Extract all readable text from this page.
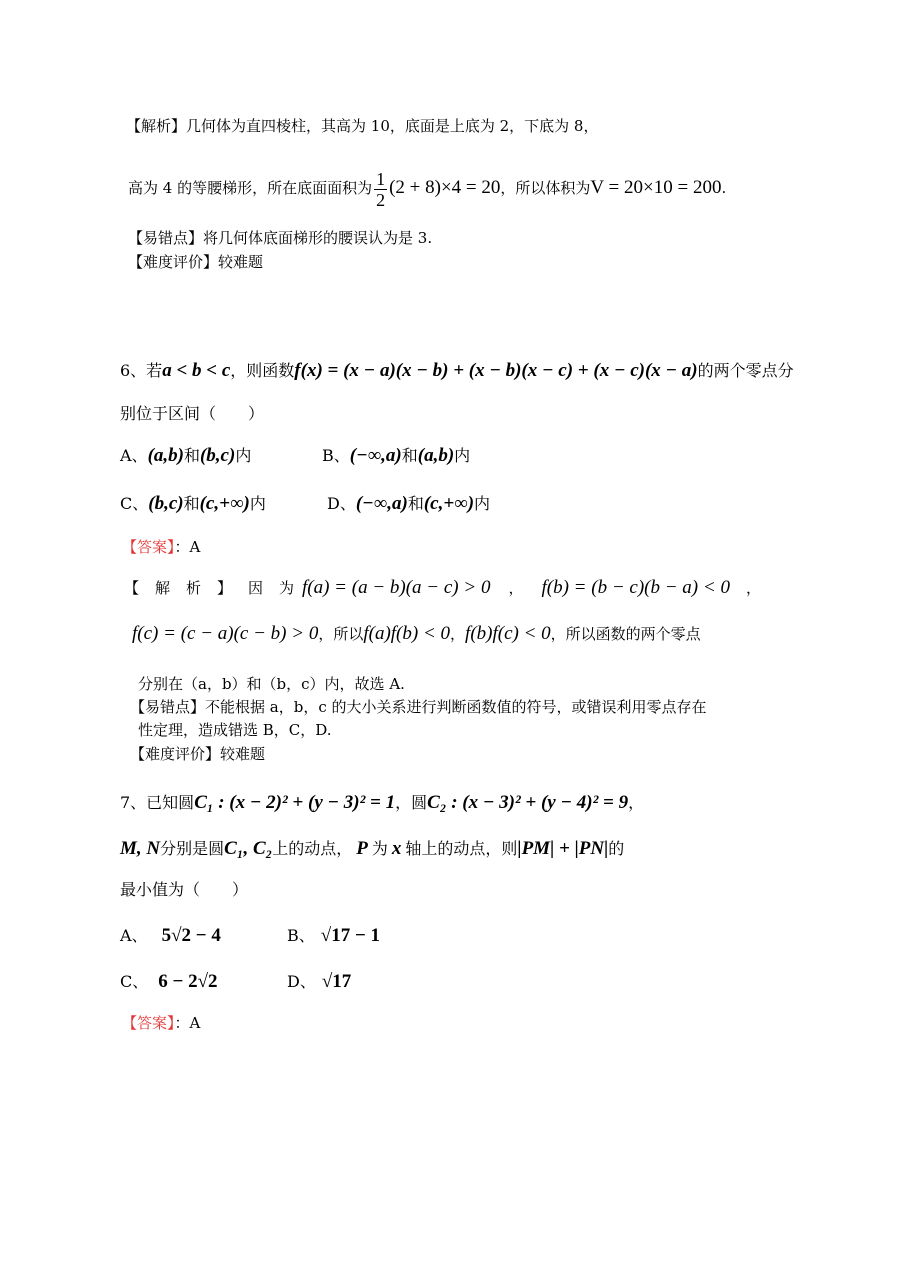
【解析】几何体为直四棱柱，其高为 10，底面是上底为 2，下底为 8，
高为 4 的等腰梯形，所在底面面积为 $\frac{1}{2} (2 + 8)\times 4 = 20$，所以体积为V = 20×10 = 200.
【易错点】将几何体底面梯形的腰误认为是 3.
【难度评价】较难题
6、若a < b < c，则函数f(x) = (x − a)(x − b) + (x − b)(x − c) + (x − c)(x − a)的两个零点分
别位于区间（　　）
A、(a,b)和(b,c)内	B、(−∞,a)和(a,b)内
C、(b,c)和(c,+∞)内	D、(−∞,a)和(c,+∞)内
【答案】：A
【解析】因为
f(a) = (a − b)(a − c) > 0 ， f(b) = (b − c)(b − a) < 0 ，
f(c) = (c − a)(c − b) > 0，所以f(a)f(b) < 0，f(b)f(c) < 0，所以函数的两个零点
分别在（a，b）和（b，c）内，故选 A.
【易错点】不能根据 a，b，c 的大小关系进行判断函数值的符号，或错误利用零点存在
性定理，造成错选 B，C，D.
【难度评价】较难题
7、已知圆C₁ : (x − 2)² + (y − 3)² = 1，圆C₂ : (x − 3)² + (y − 4)² = 9，
M, N分别是圆C₁, C₂上的动点， P 为 x 轴上的动点，则|PM| + |PN|的
最小值为（　　）
A、 5√2 − 4	B、 √17 − 1
C、 6 − 2√2	D、 √17
【答案】：A
